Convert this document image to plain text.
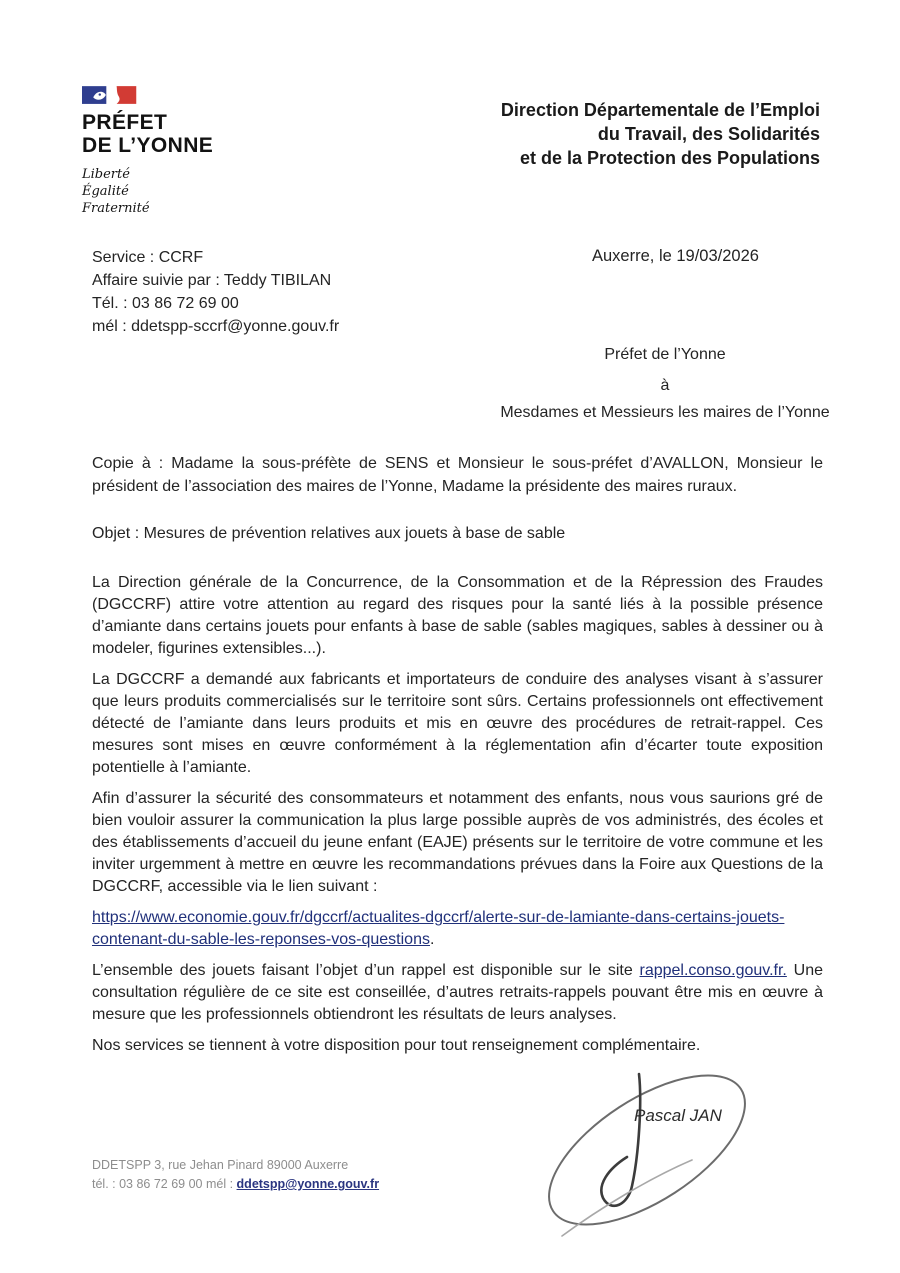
PRÉFET
DE L’YONNE
Liberté
Égalité
Fraternité
Direction Départementale de l’Emploi
du Travail, des Solidarités
et de la Protection des Populations
Service : CCRF
Affaire suivie par : Teddy TIBILAN
Tél. : 03 86 72 69 00
mél : ddetspp-sccrf@yonne.gouv.fr
Auxerre, le 19/03/2026
Préfet de l’Yonne
à
Mesdames et Messieurs les maires de l’Yonne
Copie à : Madame la sous-préfète de SENS et Monsieur le sous-préfet d’AVALLON, Monsieur le président de l’association des maires de l’Yonne, Madame la présidente des maires ruraux.
Objet : Mesures de prévention relatives aux jouets à base de sable

La Direction générale de la Concurrence, de la Consommation et de la Répression des Fraudes (DGCCRF) attire votre attention au regard des risques pour la santé liés à la possible présence d’amiante dans certains jouets pour enfants à base de sable (sables magiques, sables à dessiner ou à modeler, figurines extensibles...).

La DGCCRF a demandé aux fabricants et importateurs de conduire des analyses visant à s’assurer que leurs produits commercialisés sur le territoire sont sûrs. Certains professionnels ont effectivement détecté de l’amiante dans leurs produits et mis en œuvre des procédures de retrait-rappel. Ces mesures sont mises en œuvre conformément à la réglementation afin d’écarter toute exposition potentielle à l’amiante.

Afin d’assurer la sécurité des consommateurs et notamment des enfants, nous vous saurions gré de bien vouloir assurer la communication la plus large possible auprès de vos administrés, des écoles et des établissements d’accueil du jeune enfant (EAJE) présents sur le territoire de votre commune et les inviter urgemment à mettre en œuvre les recommandations prévues dans la Foire aux Questions de la DGCCRF, accessible via le lien suivant :

https://www.economie.gouv.fr/dgccrf/actualites-dgccrf/alerte-sur-de-lamiante-dans-certains-jouets-contenant-du-sable-les-reponses-vos-questions.

L’ensemble des jouets faisant l’objet d’un rappel est disponible sur le site rappel.conso.gouv.fr. Une consultation régulière de ce site est conseillée, d’autres retraits-rappels pouvant être mis en œuvre à mesure que les professionnels obtiendront les résultats de leurs analyses.

Nos services se tiennent à votre disposition pour tout renseignement complémentaire.

Pascal JAN
DDETSPP 3, rue Jehan Pinard 89000 Auxerre
tél. : 03 86 72 69 00 mél : ddetspp@yonne.gouv.fr
